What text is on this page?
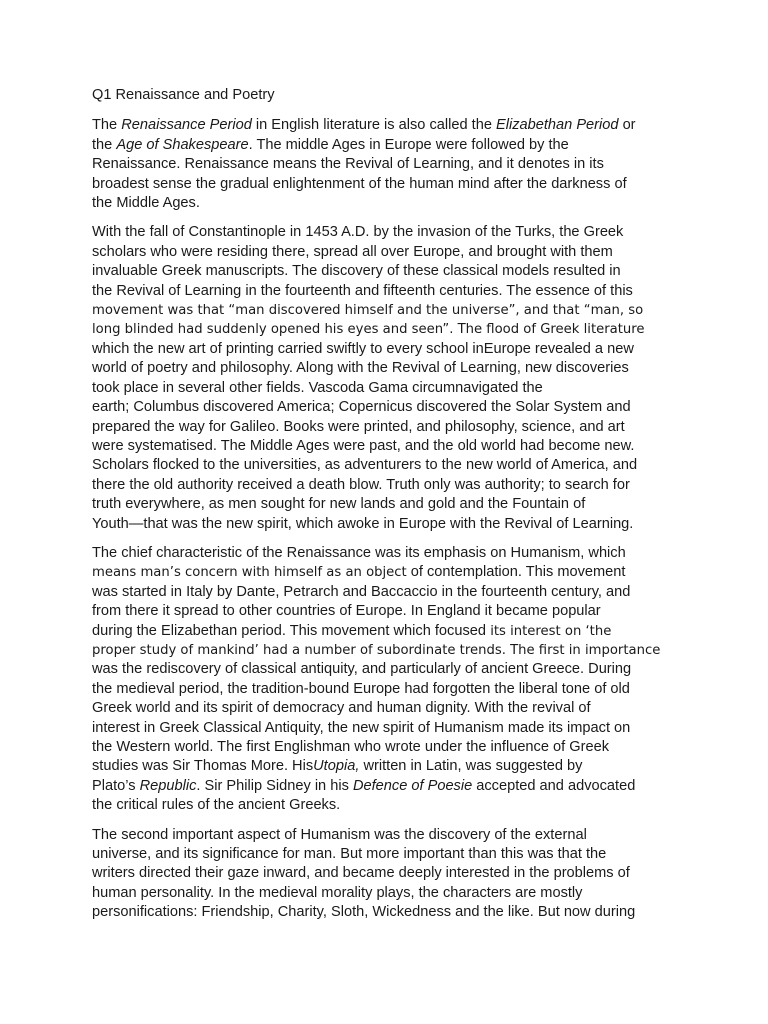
Q1 Renaissance and Poetry

The Renaissance Period in English literature is also called the Elizabethan Period or
the Age of Shakespeare. The middle Ages in Europe were followed by the
Renaissance. Renaissance means the Revival of Learning, and it denotes in its
broadest sense the gradual enlightenment of the human mind after the darkness of
the Middle Ages.

With the fall of Constantinople in 1453 A.D. by the invasion of the Turks, the Greek
scholars who were residing there, spread all over Europe, and brought with them
invaluable Greek manuscripts. The discovery of these classical models resulted in
the Revival of Learning in the fourteenth and fifteenth centuries. The essence of this
movement was that “man discovered himself and the universe”, and that “man, so
long blinded had suddenly opened his eyes and seen”. The flood of Greek literature
which the new art of printing carried swiftly to every school inEurope revealed a new
world of poetry and philosophy. Along with the Revival of Learning, new discoveries
took place in several other fields. Vascoda Gama circumnavigated the
earth; Columbus discovered America; Copernicus discovered the Solar System and
prepared the way for Galileo. Books were printed, and philosophy, science, and art
were systematised. The Middle Ages were past, and the old world had become new.
Scholars flocked to the universities, as adventurers to the new world of America, and
there the old authority received a death blow. Truth only was authority; to search for
truth everywhere, as men sought for new lands and gold and the Fountain of
Youth—that was the new spirit, which awoke in Europe with the Revival of Learning.

The chief characteristic of the Renaissance was its emphasis on Humanism, which
means man’s concern with himself as an object of contemplation. This movement
was started in Italy by Dante, Petrarch and Baccaccio in the fourteenth century, and
from there it spread to other countries of Europe. In England it became popular
during the Elizabethan period. This movement which focused its interest on ‘the
proper study of mankind’ had a number of subordinate trends. The first in importance
was the rediscovery of classical antiquity, and particularly of ancient Greece. During
the medieval period, the tradition-bound Europe had forgotten the liberal tone of old
Greek world and its spirit of democracy and human dignity. With the revival of
interest in Greek Classical Antiquity, the new spirit of Humanism made its impact on
the Western world. The first Englishman who wrote under the influence of Greek
studies was Sir Thomas More. HisUtopia, written in Latin, was suggested by
Plato’s Republic. Sir Philip Sidney in his Defence of Poesie accepted and advocated
the critical rules of the ancient Greeks.

The second important aspect of Humanism was the discovery of the external
universe, and its significance for man. But more important than this was that the
writers directed their gaze inward, and became deeply interested in the problems of
human personality. In the medieval morality plays, the characters are mostly
personifications: Friendship, Charity, Sloth, Wickedness and the like. But now during
